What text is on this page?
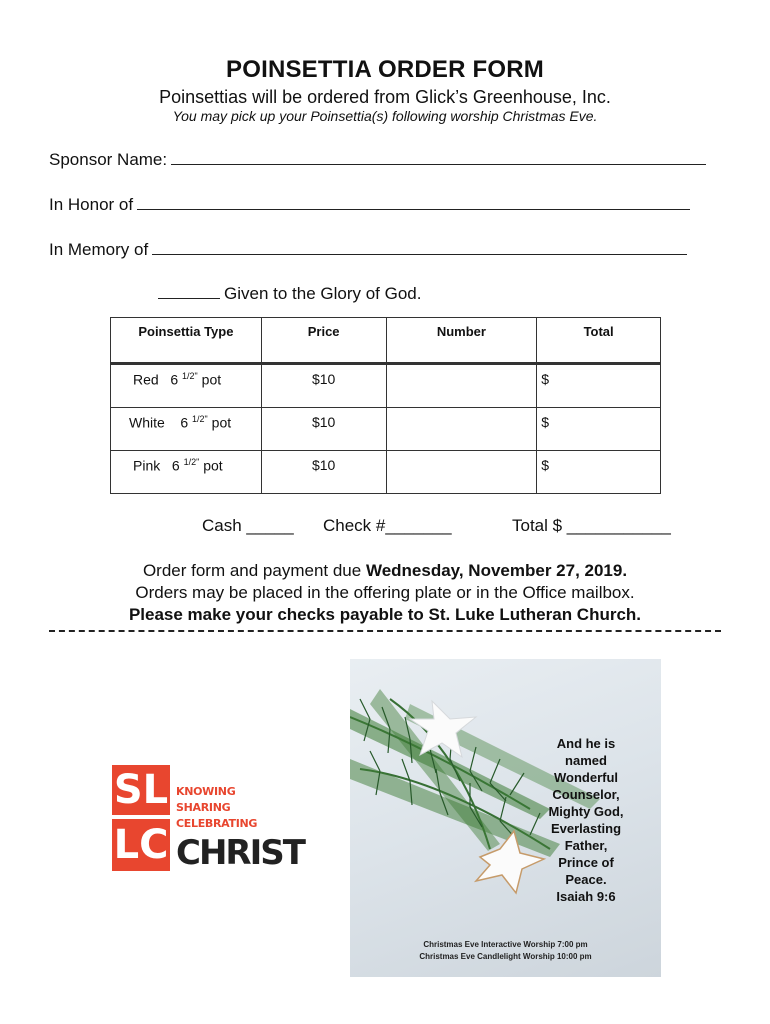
POINSETTIA ORDER FORM
Poinsettias will be ordered from Glick’s Greenhouse, Inc.
You may pick up your Poinsettia(s) following worship Christmas Eve.
Sponsor Name:
In Honor of
In Memory of
Given to the Glory of God.
Poinsettia Type	Price	Number	Total
Red 6 $^{1/2"}$ pot	$10		$
White 6 $^{1/2"}$ pot	$10		$
Pink 6 $^{1/2"}$ pot	$10		$
Cash _____ Check #_______	Total $ ___________
Order form and payment due Wednesday, November 27, 2019.
Orders may be placed in the offering plate or in the Office mailbox.
Please make your checks payable to St. Luke Lutheran Church.
SL
LC
KNOWING
SHARING
CELEBRATING
CHRIST
And he is
named
Wonderful
Counselor,
Mighty God,
Everlasting
Father,
Prince of
Peace.
Isaiah 9:6
Christmas Eve Interactive Worship 7:00 pm
Christmas Eve Candlelight Worship 10:00 pm
